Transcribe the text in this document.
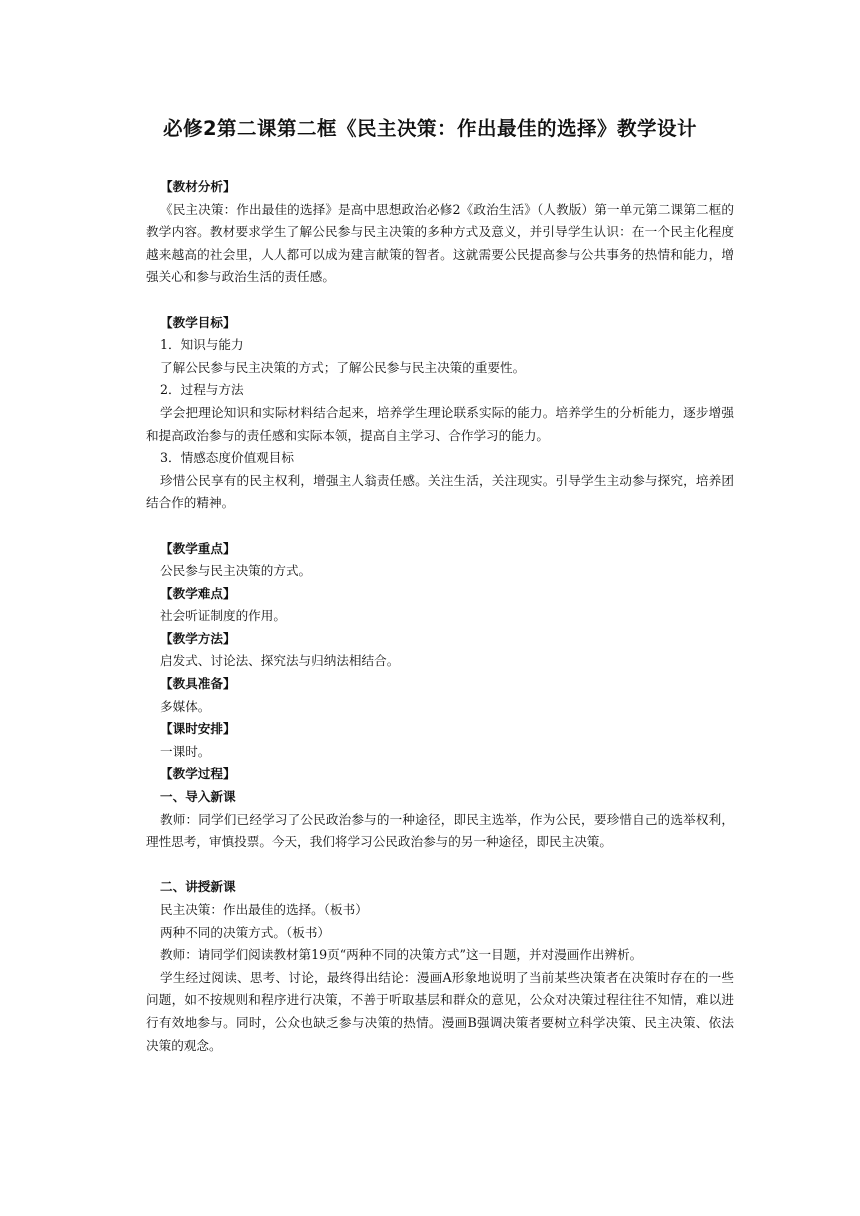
必修2第二课第二框《民主决策：作出最佳的选择》教学设计

【教材分析】

《民主决策：作出最佳的选择》是高中思想政治必修2《政治生活》（人教版）第一单元第二课第二框的教学内容。教材要求学生了解公民参与民主决策的多种方式及意义，并引导学生认识：在一个民主化程度越来越高的社会里，人人都可以成为建言献策的智者。这就需要公民提高参与公共事务的热情和能力，增强关心和参与政治生活的责任感。

【教学目标】

1．知识与能力

了解公民参与民主决策的方式；了解公民参与民主决策的重要性。

2．过程与方法

学会把理论知识和实际材料结合起来，培养学生理论联系实际的能力。培养学生的分析能力，逐步增强和提高政治参与的责任感和实际本领，提高自主学习、合作学习的能力。

3．情感态度价值观目标

珍惜公民享有的民主权利，增强主人翁责任感。关注生活，关注现实。引导学生主动参与探究，培养团结合作的精神。

【教学重点】

公民参与民主决策的方式。

【教学难点】

社会听证制度的作用。

【教学方法】

启发式、讨论法、探究法与归纳法相结合。

【教具准备】

多媒体。

【课时安排】

一课时。

【教学过程】

一、导入新课

教师：同学们已经学习了公民政治参与的一种途径，即民主选举，作为公民，要珍惜自己的选举权利，理性思考，审慎投票。今天，我们将学习公民政治参与的另一种途径，即民主决策。

二、讲授新课

民主决策：作出最佳的选择。（板书）

两种不同的决策方式。（板书）

教师：请同学们阅读教材第19页“两种不同的决策方式”这一目题，并对漫画作出辨析。

学生经过阅读、思考、讨论，最终得出结论：漫画A形象地说明了当前某些决策者在决策时存在的一些问题，如不按规则和程序进行决策，不善于听取基层和群众的意见，公众对决策过程往往不知情，难以进行有效地参与。同时，公众也缺乏参与决策的热情。漫画B强调决策者要树立科学决策、民主决策、依法决策的观念。
